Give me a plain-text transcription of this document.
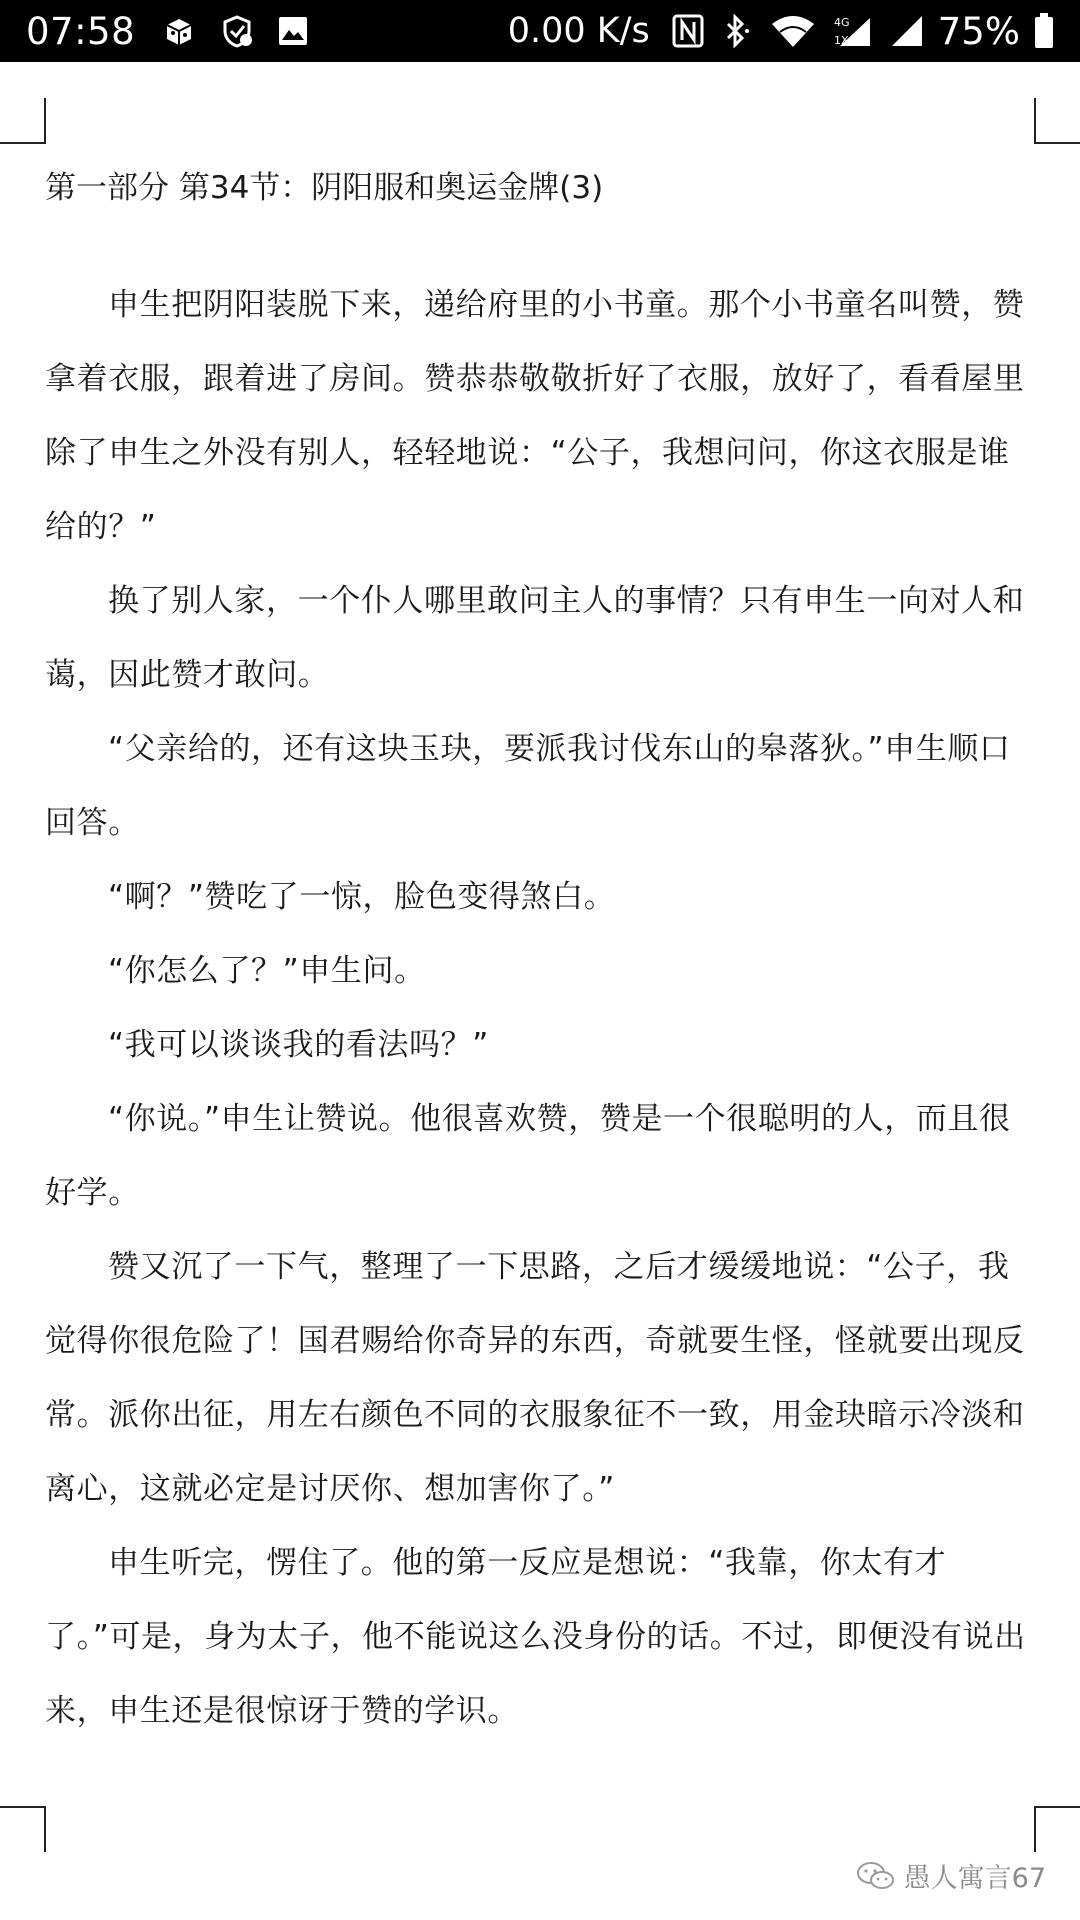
07:58	0.00 K/s	4G
1X 75%
第一部分 第34节：阴阳服和奥运金牌(3)

申生把阴阳装脱下来，递给府里的小书童。那个小书童名叫赞，赞拿着衣服，跟着进了房间。赞恭恭敬敬折好了衣服，放好了，看看屋里除了申生之外没有别人，轻轻地说：“公子，我想问问，你这衣服是谁给的？”

换了别人家，一个仆人哪里敢问主人的事情？只有申生一向对人和蔼，因此赞才敢问。

“父亲给的，还有这块玉玦，要派我讨伐东山的皋落狄。”申生顺口回答。

“啊？”赞吃了一惊，脸色变得煞白。

“你怎么了？”申生问。

“我可以谈谈我的看法吗？”

“你说。”申生让赞说。他很喜欢赞，赞是一个很聪明的人，而且很好学。

赞又沉了一下气，整理了一下思路，之后才缓缓地说：“公子，我觉得你很危险了！国君赐给你奇异的东西，奇就要生怪，怪就要出现反常。派你出征，用左右颜色不同的衣服象征不一致，用金玦暗示冷淡和离心，这就必定是讨厌你、想加害你了。”

申生听完，愣住了。他的第一反应是想说：“我靠，你太有才了。”可是，身为太子，他不能说这么没身份的话。不过，即便没有说出来，申生还是很惊讶于赞的学识。

愚人寓言67
